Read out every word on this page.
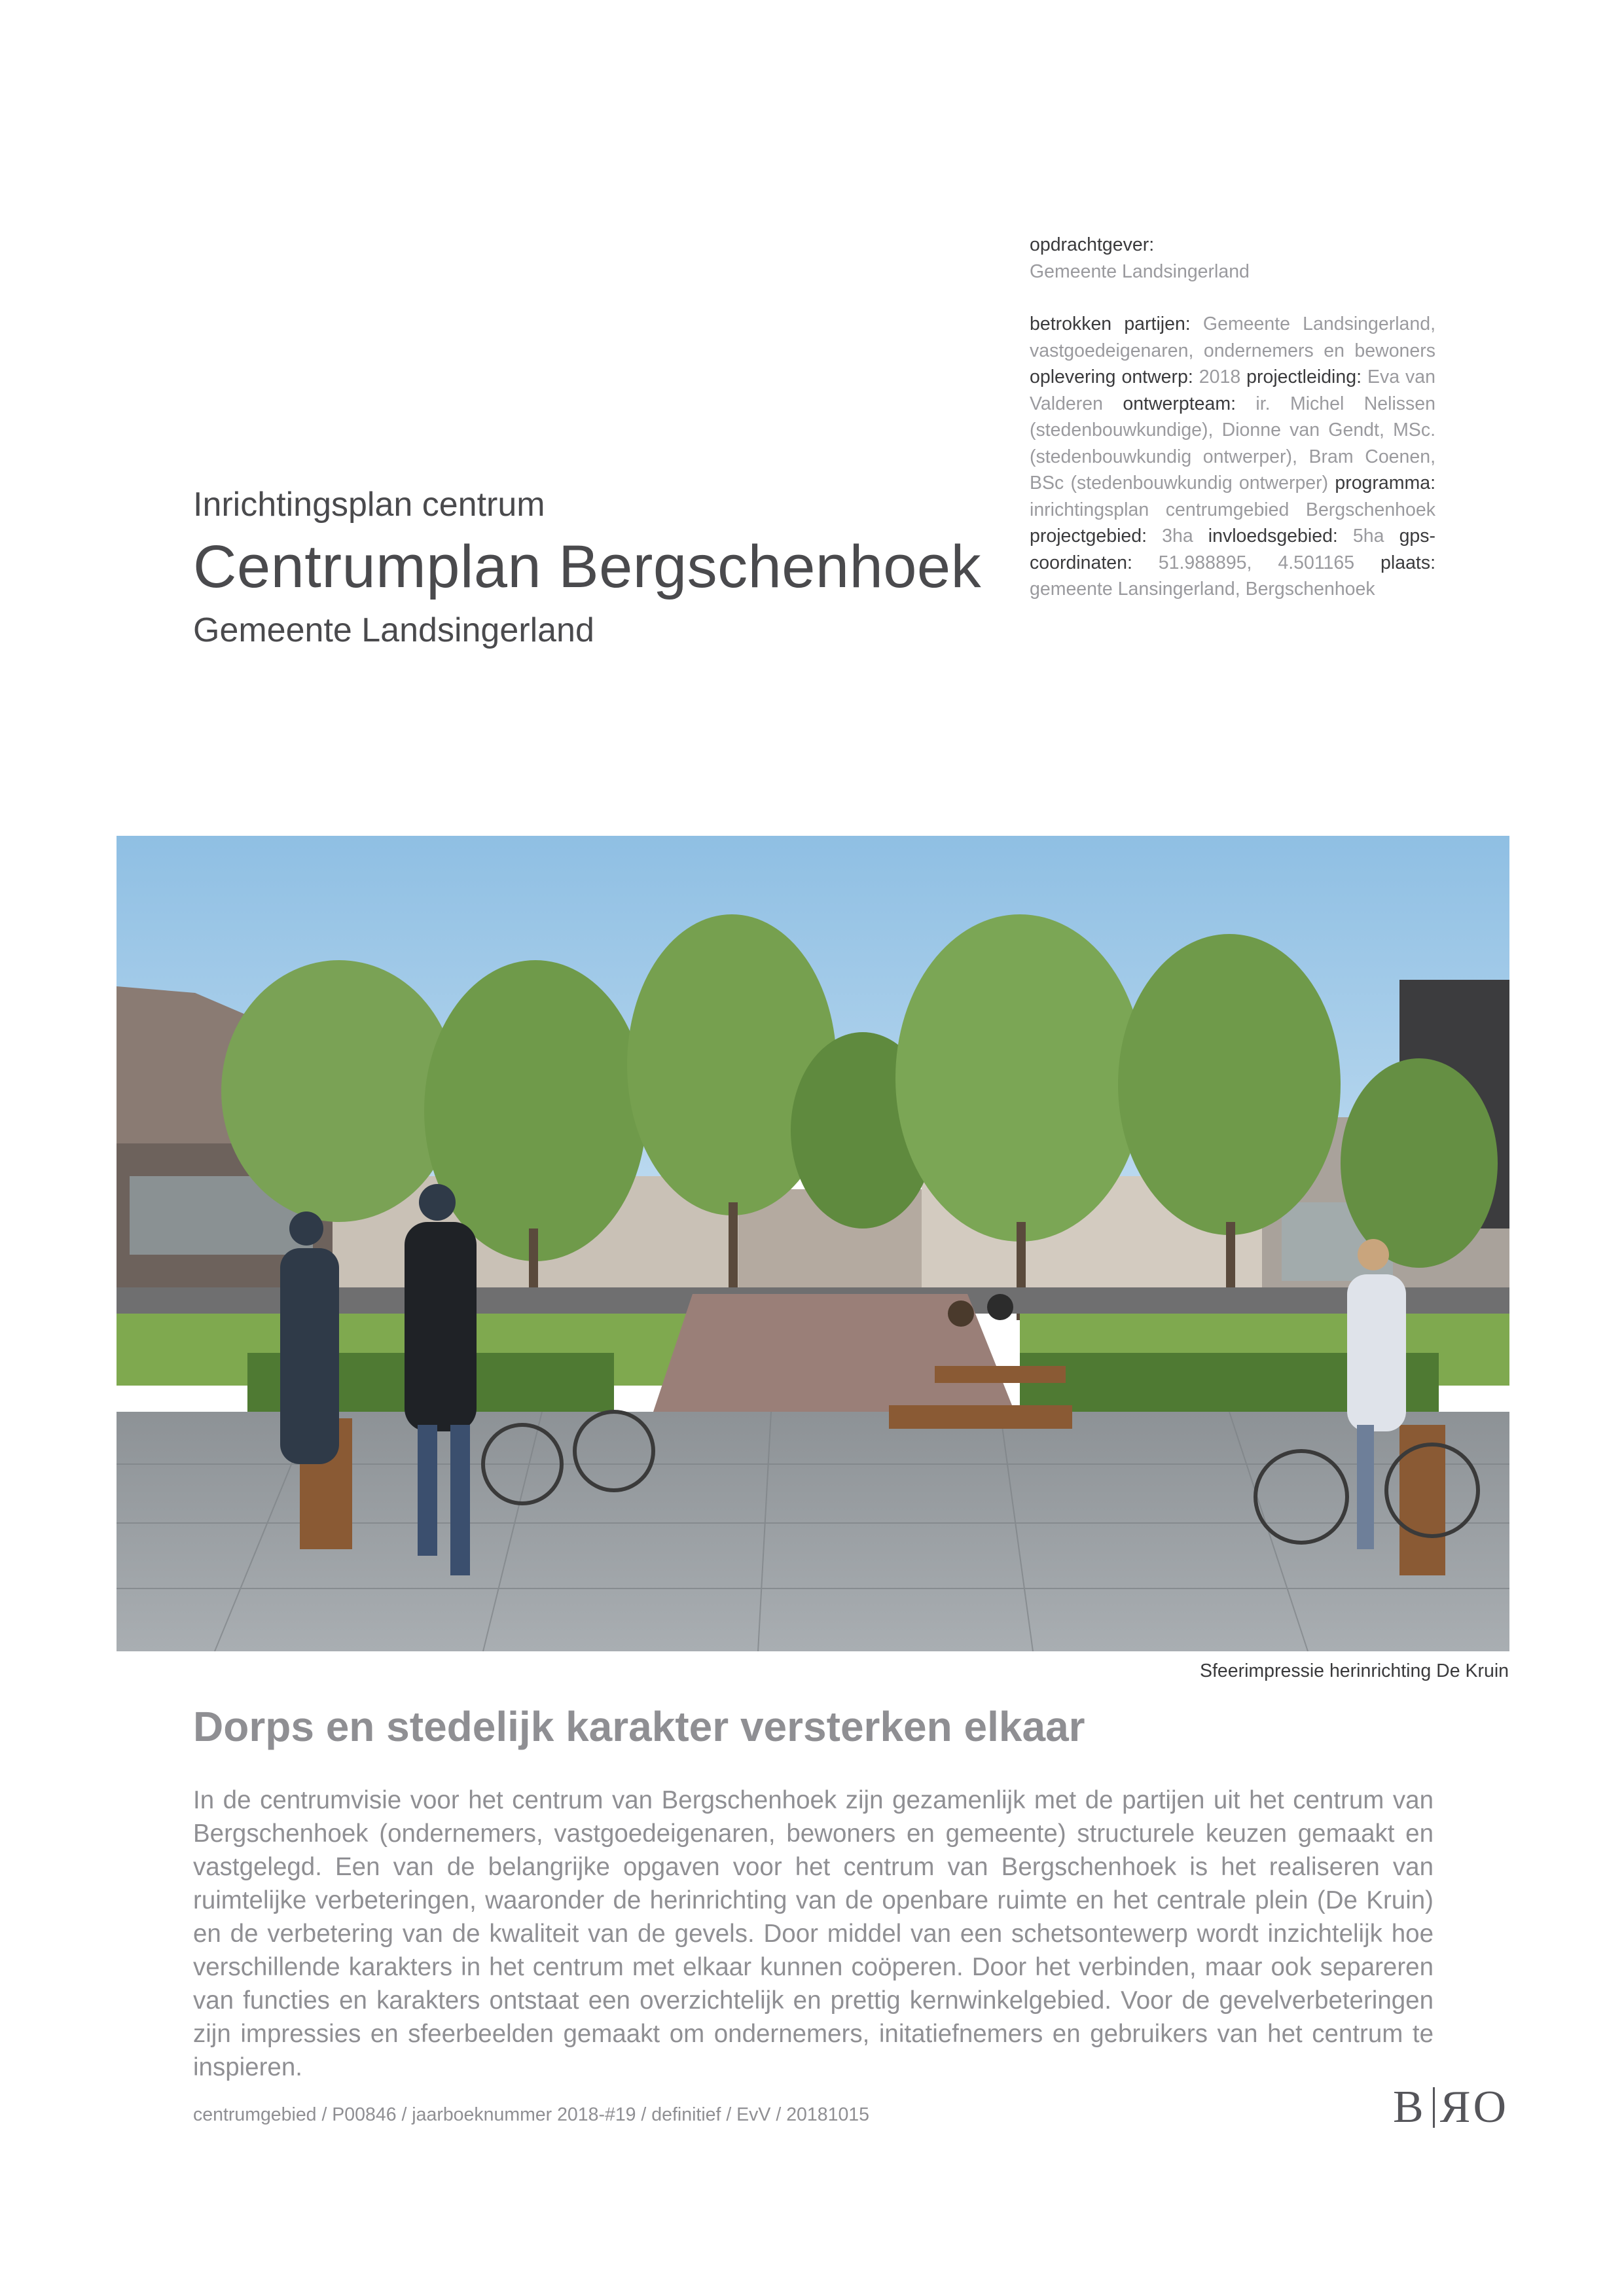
Inrichtingsplan centrum
Centrumplan Bergschenhoek
Gemeente Landsingerland
opdrachtgever:
Gemeente Landsingerland
betrokken partijen: Gemeente Landsingerland, vastgoedeigenaren, ondernemers en bewoners oplevering ontwerp: 2018 projectleiding: Eva van Valderen ontwerpteam: ir. Michel Nelissen (stedenbouwkundige), Dionne van Gendt, MSc. (stedenbouwkundig ontwerper), Bram Coenen, BSc (stedenbouwkundig ontwerper) programma: inrichtingsplan centrumgebied Bergschenhoek projectgebied: 3ha invloedsgebied: 5ha gps-coordinaten: 51.988895, 4.501165 plaats: gemeente Lansingerland, Bergschenhoek
Sfeerimpressie herinrichting De Kruin
Dorps en stedelijk karakter versterken elkaar

In de centrumvisie voor het centrum van Bergschenhoek zijn gezamenlijk met de partijen uit het centrum van Bergschenhoek (ondernemers, vastgoedeigenaren, bewoners en gemeente) structurele keuzen gemaakt en vastgelegd. Een van de belangrijke opgaven voor het centrum van Bergschenhoek is het realiseren van ruimtelijke verbeteringen, waaronder de herinrichting van de openbare ruimte en het centrale plein (De Kruin) en de verbetering van de kwaliteit van de gevels. Door middel van een schetsontewerp wordt inzichtelijk hoe verschillende karakters in het centrum met elkaar kunnen coöperen. Door het verbinden, maar ook separeren van functies en karakters ontstaat een overzichtelijk en prettig kernwinkelgebied. Voor de gevelverbeteringen zijn impressies en sfeerbeelden gemaakt om ondernemers, initatiefnemers en gebruikers van het centrum te inspieren.

centrumgebied / P00846 / jaarboeknummer 2018-#19 / definitief / EvV / 20181015	B ЯO
